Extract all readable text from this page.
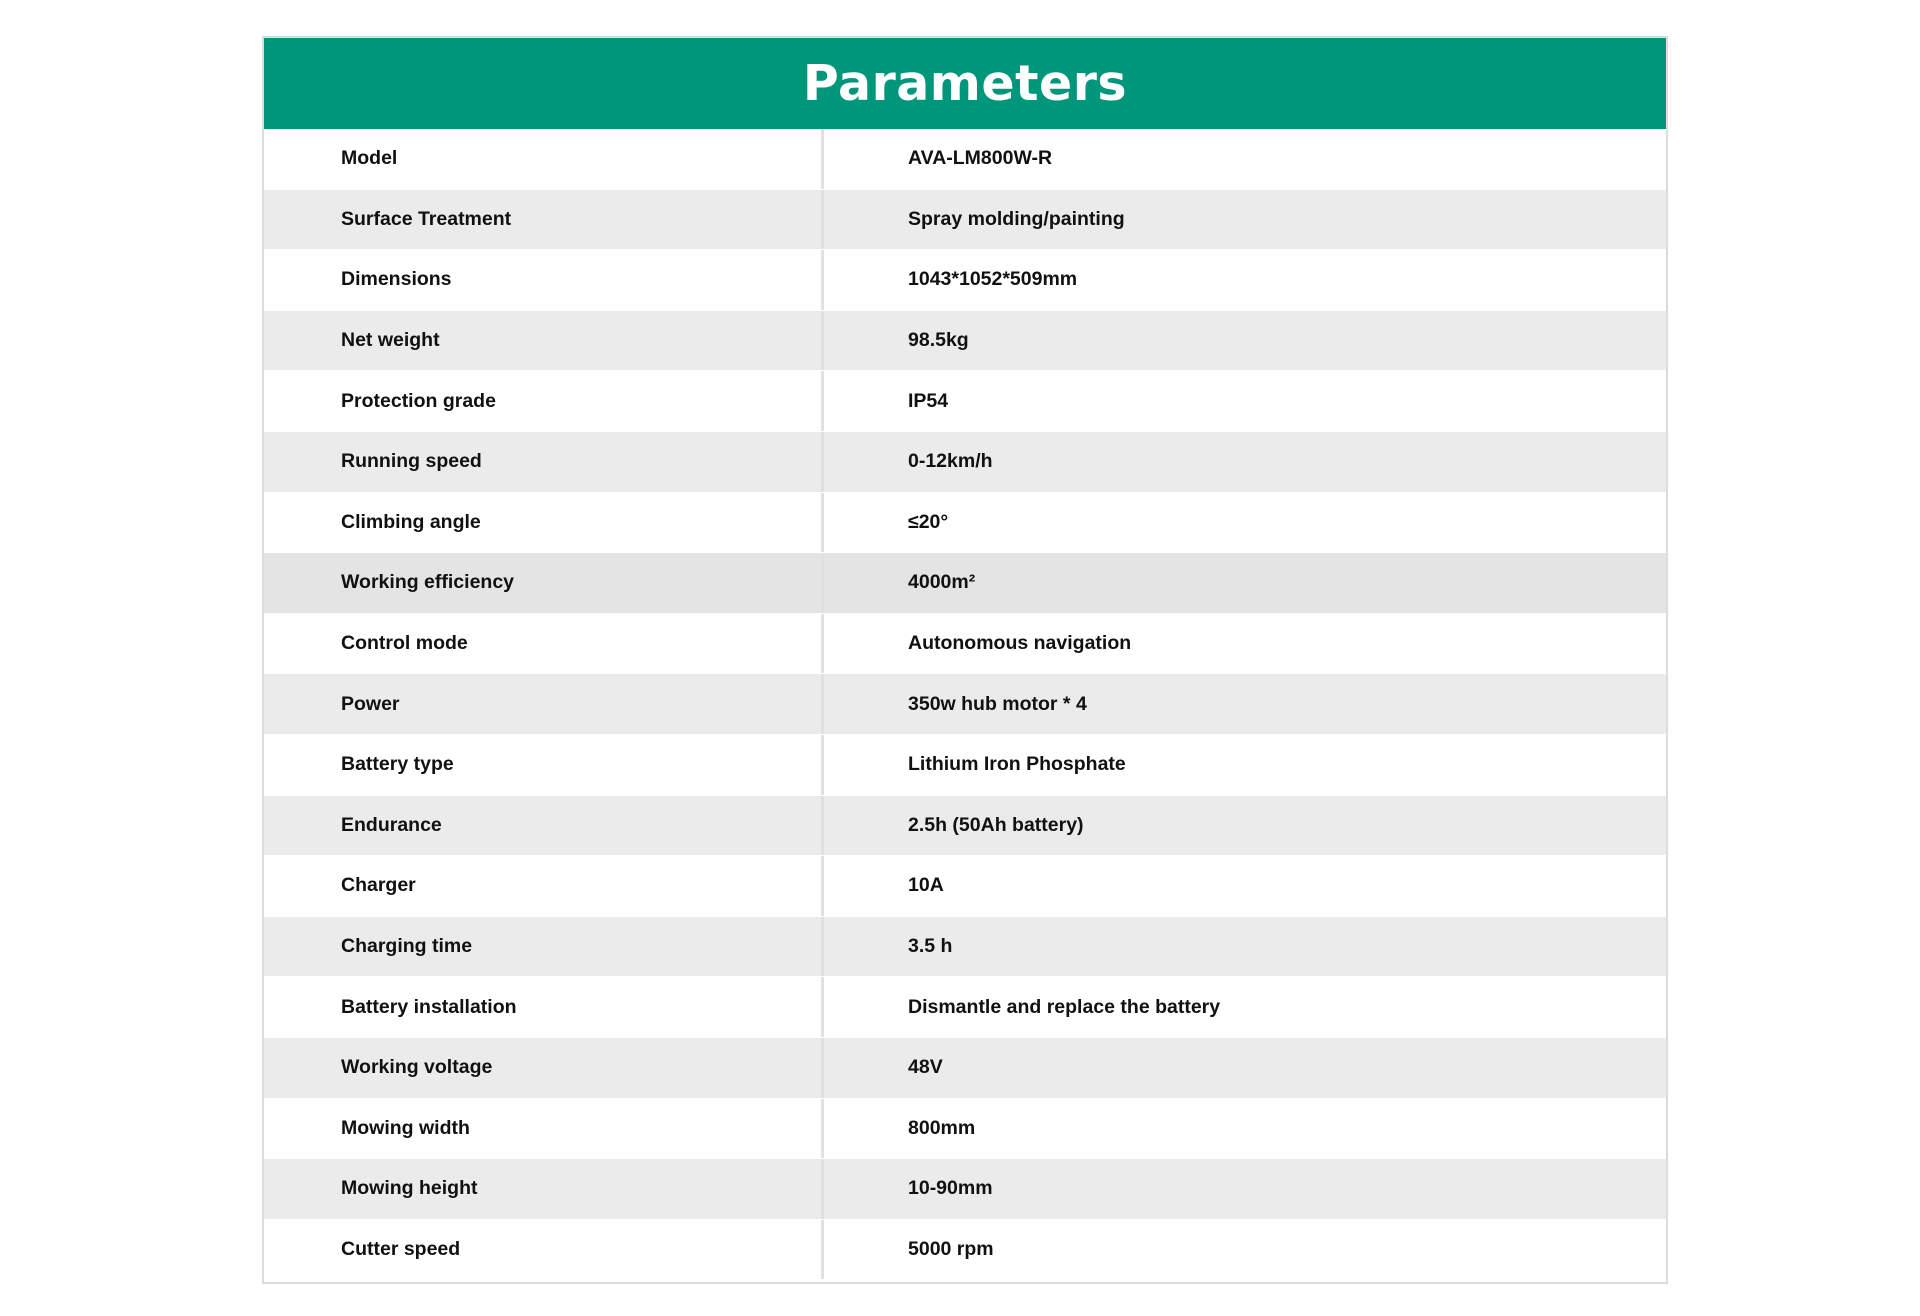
Parameters
Model	AVA-LM800W-R
Surface Treatment	Spray molding/painting
Dimensions	1043*1052*509mm
Net weight	98.5kg
Protection grade	IP54
Running speed	0-12km/h
Climbing angle	≤20°
Working efficiency	4000m²
Control mode	Autonomous navigation
Power	350w hub motor * 4
Battery type	Lithium Iron Phosphate
Endurance	2.5h (50Ah battery)
Charger	10A
Charging time	3.5 h
Battery installation	Dismantle and replace the battery
Working voltage	48V
Mowing width	800mm
Mowing height	10-90mm
Cutter speed	5000 rpm
